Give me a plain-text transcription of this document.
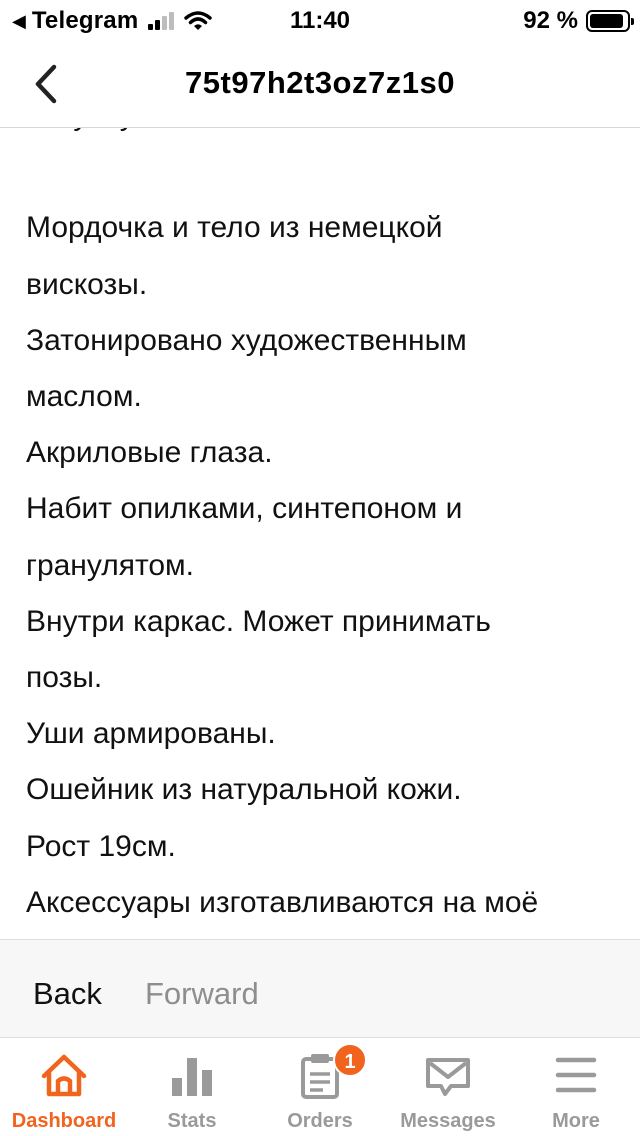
◀ Telegram	11:40	92 %
75t97h2t3oz7z1s0
Мордочка и тело из немецкой
вискозы.
Затонировано художественным
маслом.
Акриловые глаза.
Набит опилками, синтепоном и
гранулятом.
Внутри каркас. Может принимать
позы.
Уши армированы.
Ошейник из натуральной кожи.
Рост 19см.
Аксессуары изготавливаются на моё
Back Forward
Dashboard	Stats
1
Orders	Messages	More
